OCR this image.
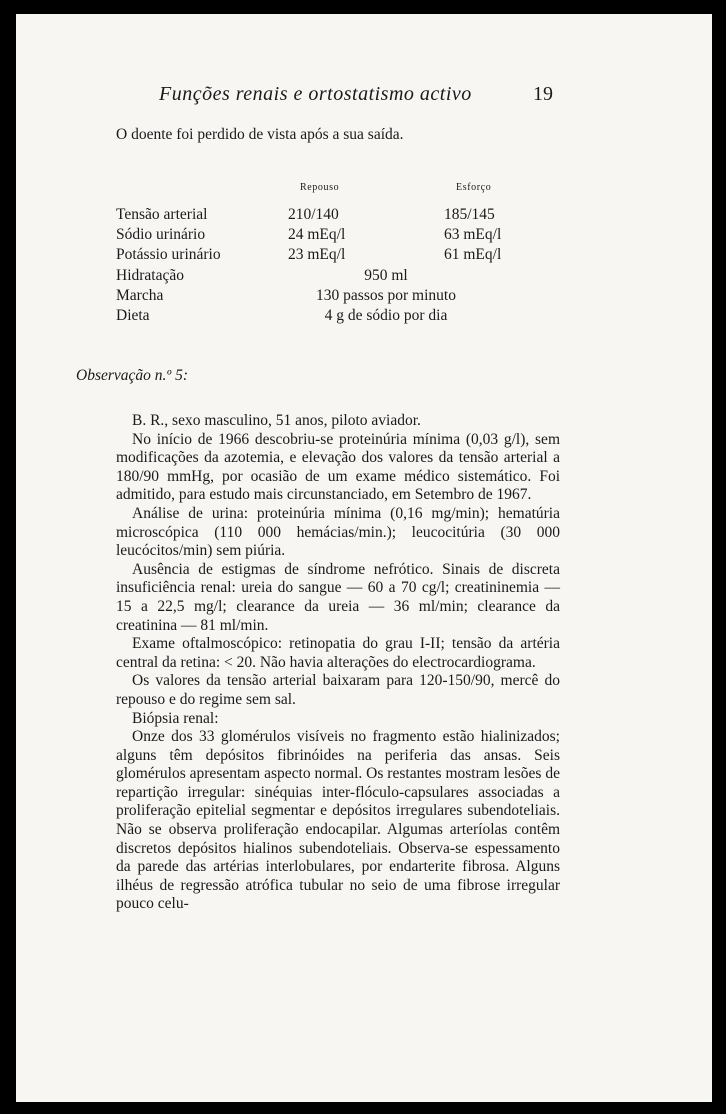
Funções renais e ortostatismo activo	19
O doente foi perdido de vista após a sua saída.
Repouso	Esforço
Tensão arterial	210/140	185/145
Sódio urinário	24 mEq/l	63 mEq/l
Potássio urinário	23 mEq/l	61 mEq/l
Hidratação	950 ml
Marcha	130 passos por minuto
Dieta	4 g de sódio por dia
Observação n.º 5:

B. R., sexo masculino, 51 anos, piloto aviador.

No início de 1966 descobriu-se proteinúria mínima (0,03 g/l), sem modificações da azotemia, e elevação dos valores da tensão arterial a 180/90 mmHg, por ocasião de um exame médico sistemático. Foi admitido, para estudo mais circunstanciado, em Setembro de 1967.

Análise de urina: proteinúria mínima (0,16 mg/min); hematúria microscópica (110 000 hemácias/min.); leucocitúria (30 000 leucócitos/min) sem piúria.

Ausência de estigmas de síndrome nefrótico. Sinais de discreta insuficiência renal: ureia do sangue — 60 a 70 cg/l; creatininemia — 15 a 22,5 mg/l; clearance da ureia — 36 ml/min; clearance da creatinina — 81 ml/min.

Exame oftalmoscópico: retinopatia do grau I-II; tensão da artéria central da retina: < 20. Não havia alterações do electrocardiograma.

Os valores da tensão arterial baixaram para 120-150/90, mercê do repouso e do regime sem sal.

Biópsia renal:

Onze dos 33 glomérulos visíveis no fragmento estão hialinizados; alguns têm depósitos fibrinóides na periferia das ansas. Seis glomérulos apresentam aspecto normal. Os restantes mostram lesões de repartição irregular: sinéquias inter-flóculo-capsulares associadas a proliferação epitelial segmentar e depósitos irregulares subendoteliais. Não se observa proliferação endocapilar. Algumas arteríolas contêm discretos depósitos hialinos subendoteliais. Observa-se espessamento da parede das artérias interlobulares, por endarterite fibrosa. Alguns ilhéus de regressão atrófica tubular no seio de uma fibrose irregular pouco celu-
